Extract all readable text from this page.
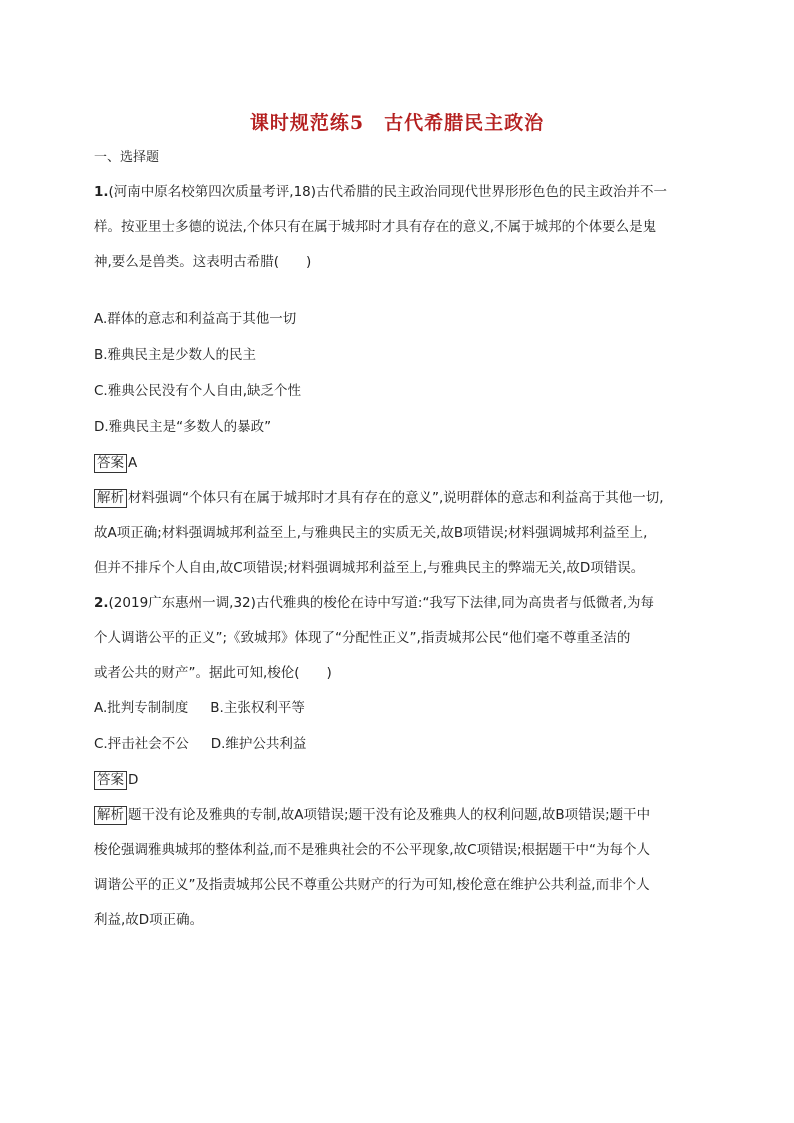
课时规范练5　古代希腊民主政治
一、选择题
1.(河南中原名校第四次质量考评,18)古代希腊的民主政治同现代世界形形色色的民主政治并不一
样。按亚里士多德的说法,个体只有在属于城邦时才具有存在的意义,不属于城邦的个体要么是鬼
神,要么是兽类。这表明古希腊(　　)
A.群体的意志和利益高于其他一切
B.雅典民主是少数人的民主
C.雅典公民没有个人自由,缺乏个性
D.雅典民主是“多数人的暴政”
答案 A
解析 材料强调“个体只有在属于城邦时才具有存在的意义”,说明群体的意志和利益高于其他一切,
故A项正确;材料强调城邦利益至上,与雅典民主的实质无关,故B项错误;材料强调城邦利益至上,
但并不排斥个人自由,故C项错误;材料强调城邦利益至上,与雅典民主的弊端无关,故D项错误。
2.(2019广东惠州一调,32)古代雅典的梭伦在诗中写道:“我写下法律,同为高贵者与低微者,为每
个人调谐公平的正义”;《致城邦》体现了“分配性正义”,指责城邦公民“他们毫不尊重圣洁的
或者公共的财产”。据此可知,梭伦(　　)
A.批判专制制度 B.主张权利平等
C.抨击社会不公 D.维护公共利益
答案 D
解析 题干没有论及雅典的专制,故A项错误;题干没有论及雅典人的权利问题,故B项错误;题干中
梭伦强调雅典城邦的整体利益,而不是雅典社会的不公平现象,故C项错误;根据题干中“为每个人
调谐公平的正义”及指责城邦公民不尊重公共财产的行为可知,梭伦意在维护公共利益,而非个人
利益,故D项正确。
